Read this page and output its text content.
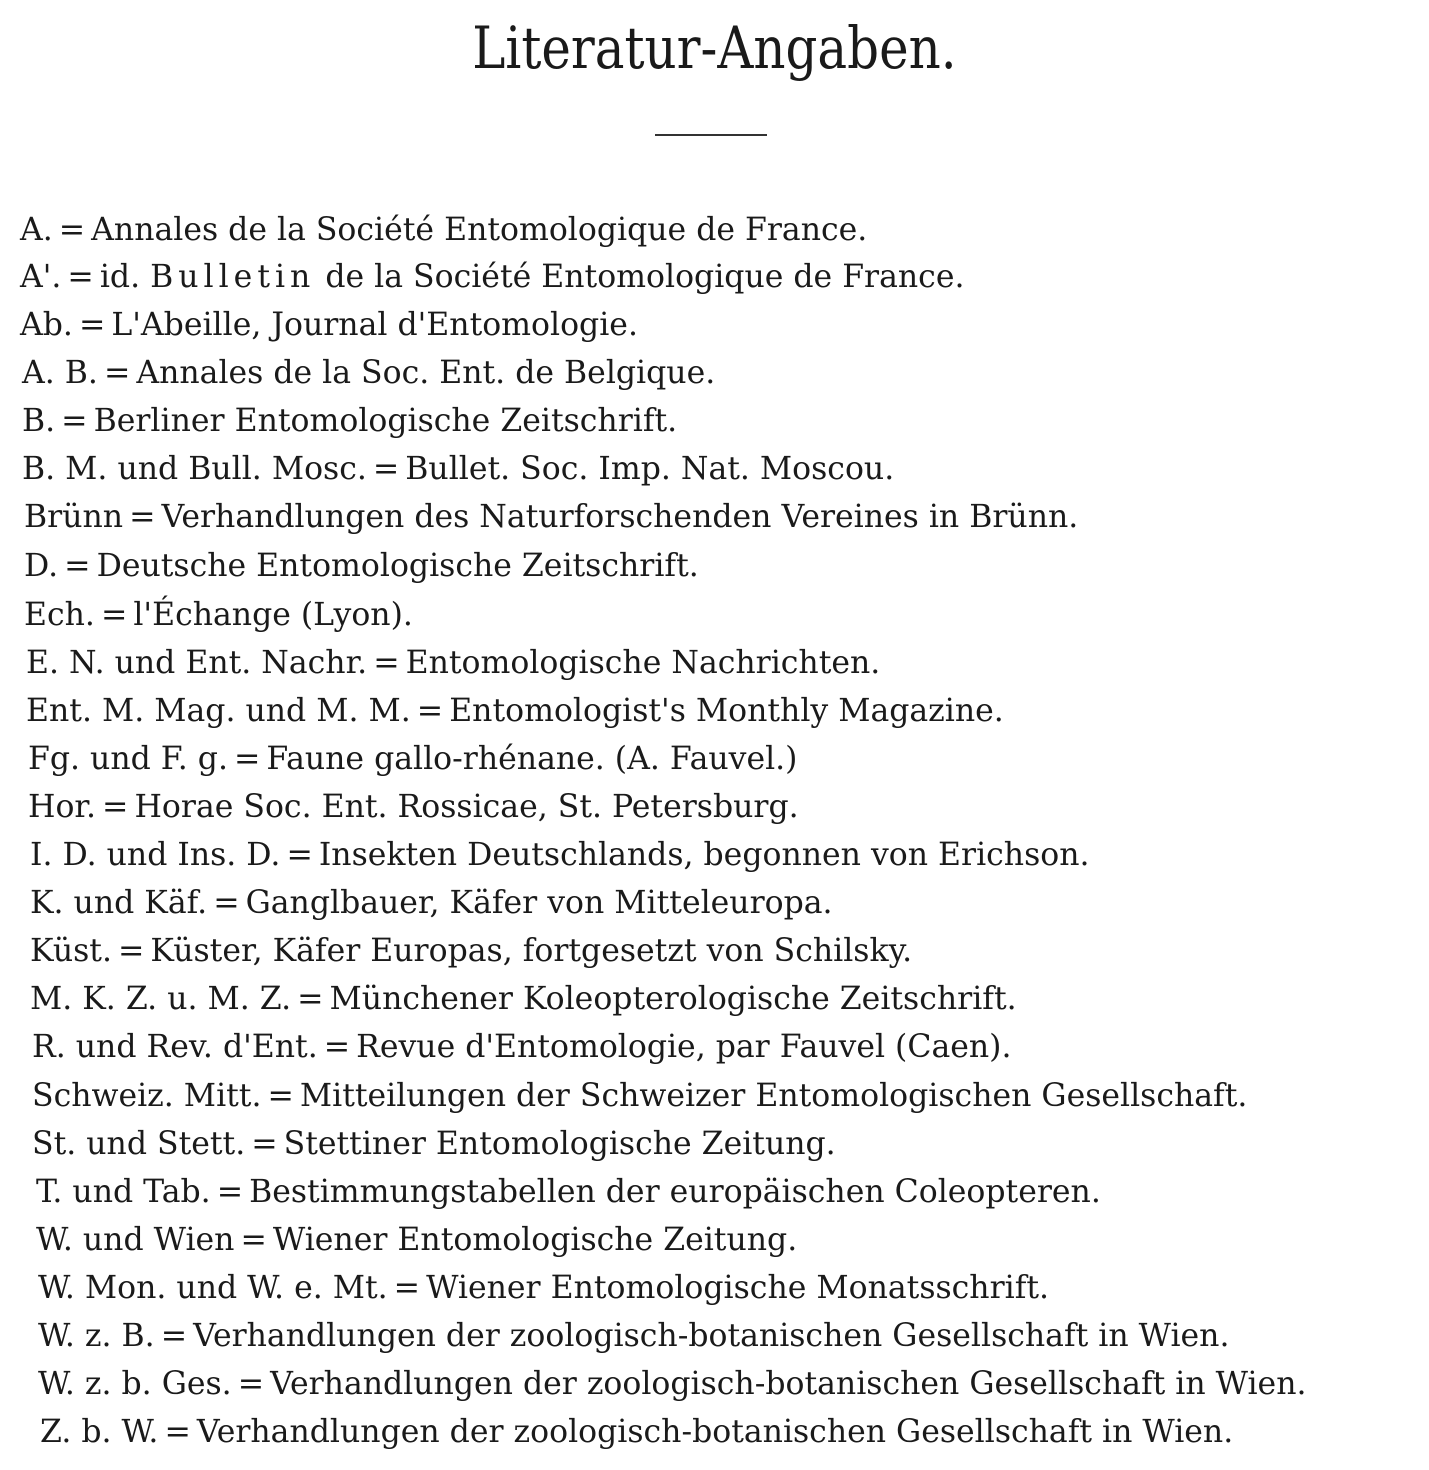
Literatur-Angaben.
A. = Annales de la Société Entomologique de France.
A'. = id. Bulletin de la Société Entomologique de France.
Ab. = L'Abeille, Journal d'Entomologie.
A. B. = Annales de la Soc. Ent. de Belgique.
B. = Berliner Entomologische Zeitschrift.
B. M. und Bull. Mosc. = Bullet. Soc. Imp. Nat. Moscou.
Brünn = Verhandlungen des Naturforschenden Vereines in Brünn.
D. = Deutsche Entomologische Zeitschrift.
Ech. = l'Échange (Lyon).
E. N. und Ent. Nachr. = Entomologische Nachrichten.
Ent. M. Mag. und M. M. = Entomologist's Monthly Magazine.
Fg. und F. g. = Faune gallo-rhénane. (A. Fauvel.)
Hor. = Horae Soc. Ent. Rossicae, St. Petersburg.
I. D. und Ins. D. = Insekten Deutschlands, begonnen von Erichson.
K. und Käf. = Ganglbauer, Käfer von Mitteleuropa.
Küst. = Küster, Käfer Europas, fortgesetzt von Schilsky.
M. K. Z. u. M. Z. = Münchener Koleopterologische Zeitschrift.
R. und Rev. d'Ent. = Revue d'Entomologie, par Fauvel (Caen).
Schweiz. Mitt. = Mitteilungen der Schweizer Entomologischen Gesellschaft.
St. und Stett. = Stettiner Entomologische Zeitung.
T. und Tab. = Bestimmungstabellen der europäischen Coleopteren.
W. und Wien = Wiener Entomologische Zeitung.
W. Mon. und W. e. Mt. = Wiener Entomologische Monatsschrift.
W. z. B. = Verhandlungen der zoologisch-botanischen Gesellschaft in Wien.
W. z. b. Ges. = Verhandlungen der zoologisch-botanischen Gesellschaft in Wien.
Z. b. W. = Verhandlungen der zoologisch-botanischen Gesellschaft in Wien.
